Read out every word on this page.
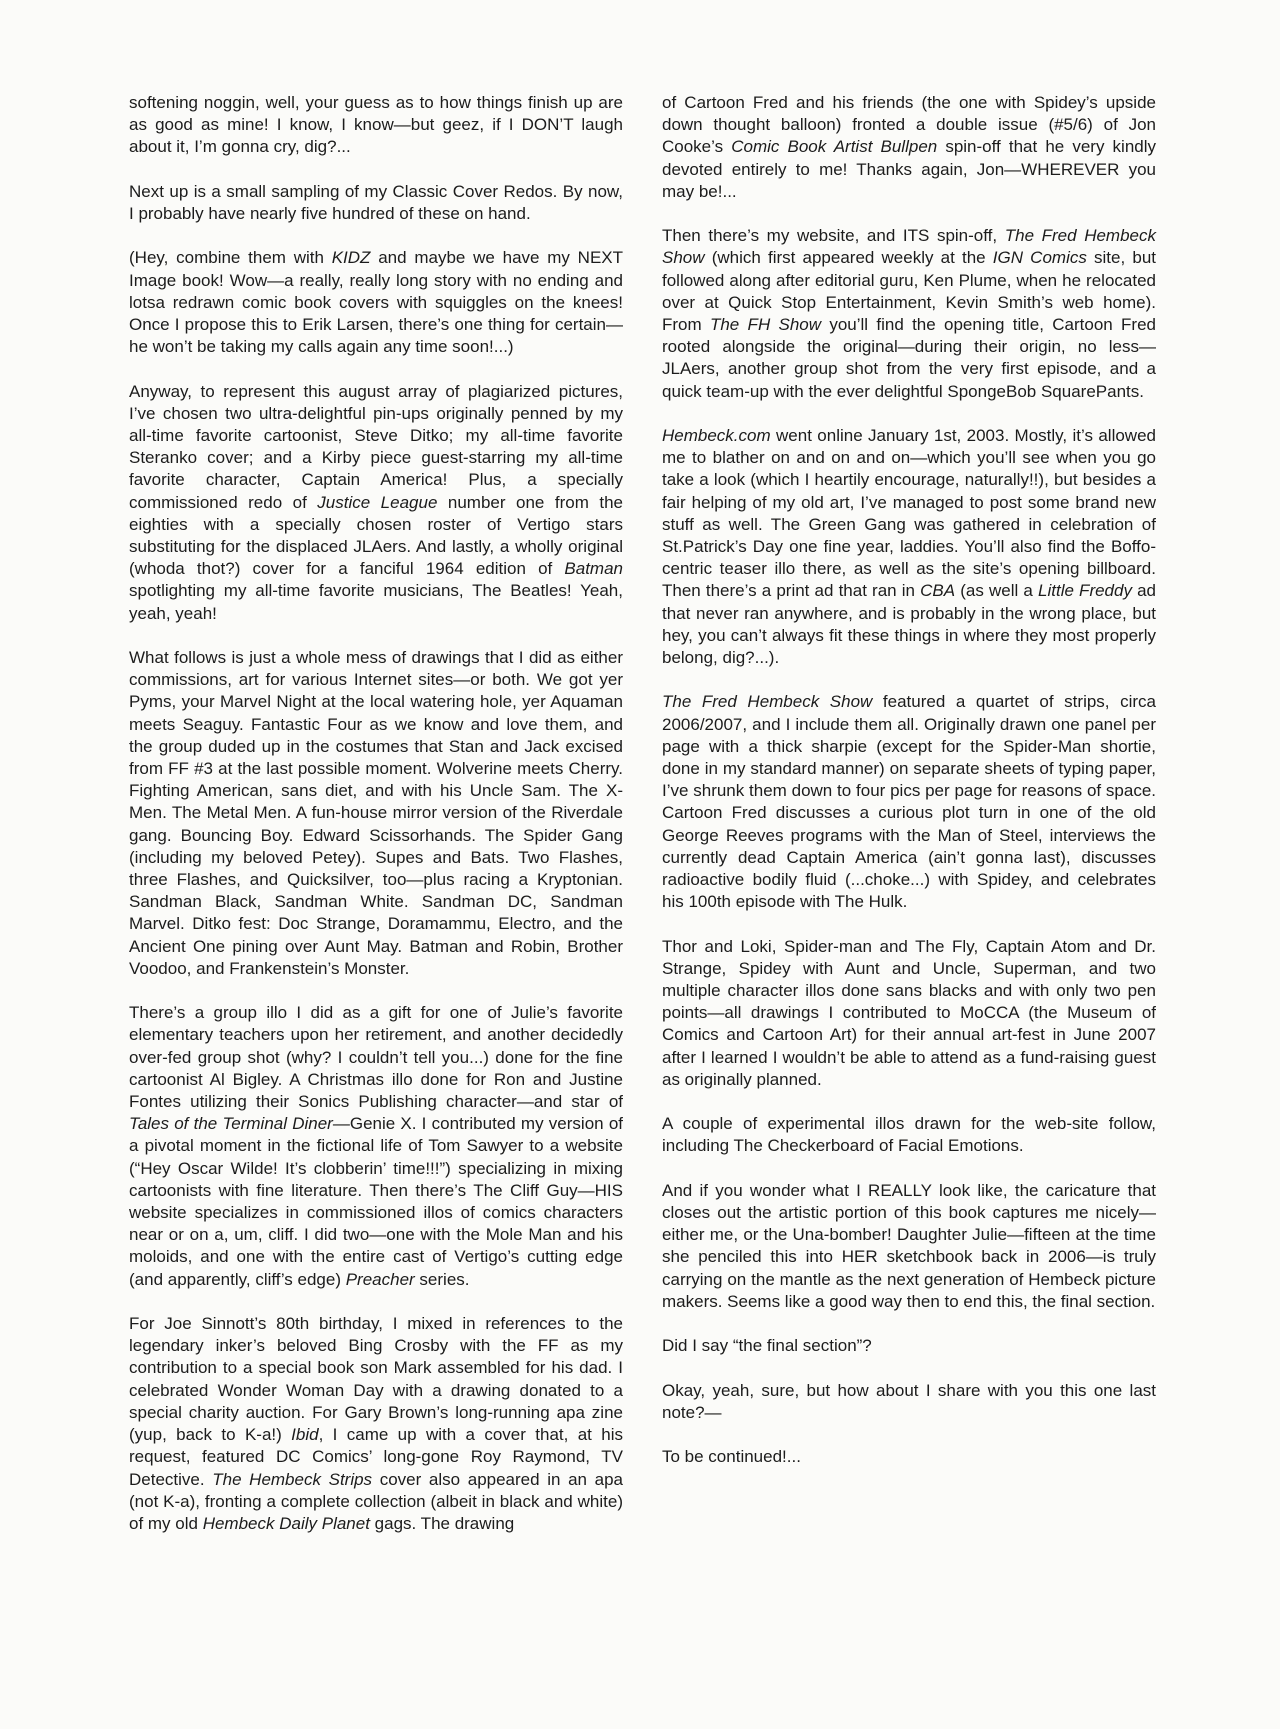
softening noggin, well, your guess as to how things finish up are as good as mine! I know, I know—but geez, if I DON’T laugh about it, I’m gonna cry, dig?...

Next up is a small sampling of my Classic Cover Redos. By now, I probably have nearly five hundred of these on hand.

(Hey, combine them with KIDZ and maybe we have my NEXT Image book! Wow—a really, really long story with no ending and lotsa redrawn comic book covers with squiggles on the knees! Once I propose this to Erik Larsen, there’s one thing for certain—he won’t be taking my calls again any time soon!...)

Anyway, to represent this august array of plagiarized pictures, I’ve chosen two ultra-delightful pin-ups originally penned by my all-time favorite cartoonist, Steve Ditko; my all-time favorite Steranko cover; and a Kirby piece guest-starring my all-time favorite character, Captain America! Plus, a specially commissioned redo of Justice League number one from the eighties with a specially chosen roster of Vertigo stars substituting for the displaced JLAers. And lastly, a wholly original (whoda thot?) cover for a fanciful 1964 edition of Batman spotlighting my all-time favorite musicians, The Beatles! Yeah, yeah, yeah!

What follows is just a whole mess of drawings that I did as either commissions, art for various Internet sites—or both. We got yer Pyms, your Marvel Night at the local watering hole, yer Aquaman meets Seaguy. Fantastic Four as we know and love them, and the group duded up in the costumes that Stan and Jack excised from FF #3 at the last possible moment. Wolverine meets Cherry. Fighting American, sans diet, and with his Uncle Sam. The X-Men. The Metal Men. A fun-house mirror version of the Riverdale gang. Bouncing Boy. Edward Scissorhands. The Spider Gang (including my beloved Petey). Supes and Bats. Two Flashes, three Flashes, and Quicksilver, too—plus racing a Kryptonian. Sandman Black, Sandman White. Sandman DC, Sandman Marvel. Ditko fest: Doc Strange, Doramammu, Electro, and the Ancient One pining over Aunt May. Batman and Robin, Brother Voodoo, and Frankenstein’s Monster.

There’s a group illo I did as a gift for one of Julie’s favorite elementary teachers upon her retirement, and another decidedly over-fed group shot (why? I couldn’t tell you...) done for the fine cartoonist Al Bigley. A Christmas illo done for Ron and Justine Fontes utilizing their Sonics Publishing character—and star of Tales of the Terminal Diner—Genie X. I contributed my version of a pivotal moment in the fictional life of Tom Sawyer to a website (“Hey Oscar Wilde! It’s clobberin’ time!!!”) specializing in mixing cartoonists with fine literature. Then there’s The Cliff Guy—HIS website specializes in commissioned illos of comics characters near or on a, um, cliff. I did two—one with the Mole Man and his moloids, and one with the entire cast of Vertigo’s cutting edge (and apparently, cliff’s edge) Preacher series.

For Joe Sinnott’s 80th birthday, I mixed in references to the legendary inker’s beloved Bing Crosby with the FF as my contribution to a special book son Mark assembled for his dad. I celebrated Wonder Woman Day with a drawing donated to a special charity auction. For Gary Brown’s long-running apa zine (yup, back to K-a!) Ibid, I came up with a cover that, at his request, featured DC Comics’ long-gone Roy Raymond, TV Detective. The Hembeck Strips cover also appeared in an apa (not K-a), fronting a complete collection (albeit in black and white) of my old Hembeck Daily Planet gags. The drawing

of Cartoon Fred and his friends (the one with Spidey’s upside down thought balloon) fronted a double issue (#5/6) of Jon Cooke’s Comic Book Artist Bullpen spin-off that he very kindly devoted entirely to me! Thanks again, Jon—WHEREVER you may be!...

Then there’s my website, and ITS spin-off, The Fred Hembeck Show (which first appeared weekly at the IGN Comics site, but followed along after editorial guru, Ken Plume, when he relocated over at Quick Stop Entertainment, Kevin Smith’s web home). From The FH Show you’ll find the opening title, Cartoon Fred rooted alongside the original—during their origin, no less—JLAers, another group shot from the very first episode, and a quick team-up with the ever delightful SpongeBob SquarePants.

Hembeck.com went online January 1st, 2003. Mostly, it’s allowed me to blather on and on and on—which you’ll see when you go take a look (which I heartily encourage, naturally!!), but besides a fair helping of my old art, I’ve managed to post some brand new stuff as well. The Green Gang was gathered in celebration of St.Patrick’s Day one fine year, laddies. You’ll also find the Boffo-centric teaser illo there, as well as the site’s opening billboard. Then there’s a print ad that ran in CBA (as well a Little Freddy ad that never ran anywhere, and is probably in the wrong place, but hey, you can’t always fit these things in where they most properly belong, dig?...).

The Fred Hembeck Show featured a quartet of strips, circa 2006/2007, and I include them all. Originally drawn one panel per page with a thick sharpie (except for the Spider-Man shortie, done in my standard manner) on separate sheets of typing paper, I’ve shrunk them down to four pics per page for reasons of space. Cartoon Fred discusses a curious plot turn in one of the old George Reeves programs with the Man of Steel, interviews the currently dead Captain America (ain’t gonna last), discusses radioactive bodily fluid (...choke...) with Spidey, and celebrates his 100th episode with The Hulk.

Thor and Loki, Spider-man and The Fly, Captain Atom and Dr. Strange, Spidey with Aunt and Uncle, Superman, and two multiple character illos done sans blacks and with only two pen points—all drawings I contributed to MoCCA (the Museum of Comics and Cartoon Art) for their annual art-fest in June 2007 after I learned I wouldn’t be able to attend as a fund-raising guest as originally planned.

A couple of experimental illos drawn for the web-site follow, including The Checkerboard of Facial Emotions.

And if you wonder what I REALLY look like, the caricature that closes out the artistic portion of this book captures me nicely—either me, or the Una-bomber! Daughter Julie—fifteen at the time she penciled this into HER sketchbook back in 2006—is truly carrying on the mantle as the next generation of Hembeck picture makers. Seems like a good way then to end this, the final section.

Did I say “the final section”?

Okay, yeah, sure, but how about I share with you this one last note?—

To be continued!...
